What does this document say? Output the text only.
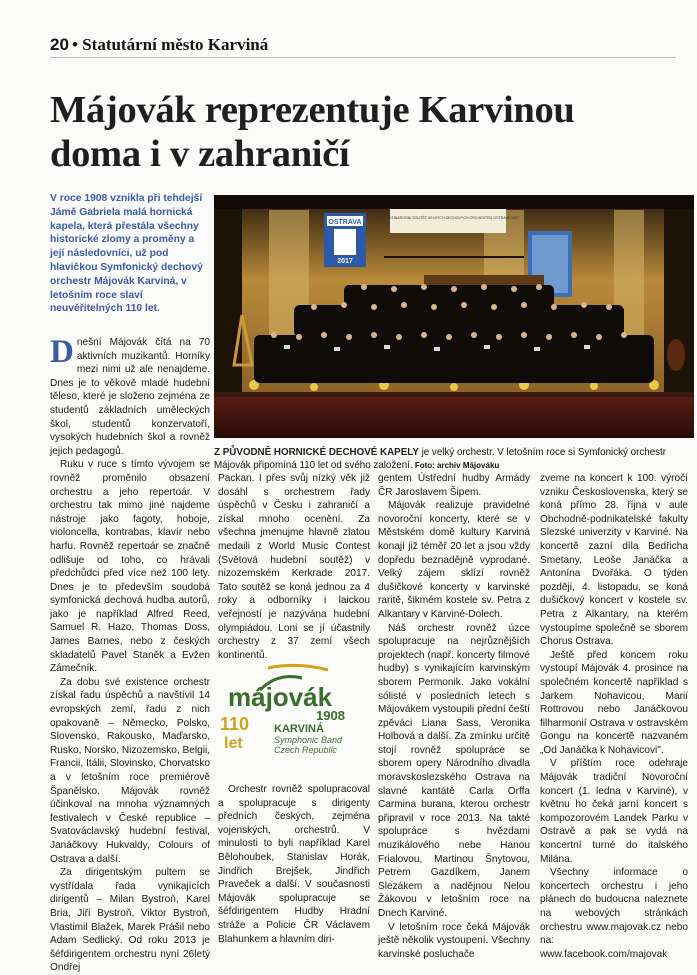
20 • Statutární město Karviná
Májovák reprezentuje Karvinou doma i v zahraničí
V roce 1908 vznikla při tehdejší Jámě Gabriela malá hornická kapela, která přestála všechny historické zlomy a proměny a její následovníci, už pod hlavičkou Symfonický dechový orchestr Májovák Karviná, v letošním roce slaví neuvěřitelných 110 let.
OSTRAVA
2017
XVIII MEZINÁRODNÍ SOUTĚŽ VELKÝCH DECHOVÝCH ORCHESTRŮ OSTRAVA 2017
Z PŮVODNĚ HORNICKÉ DECHOVÉ KAPELY je velký orchestr. V letošním roce si Symfonický orchestr Májovák připomíná 110 let od svého založení. Foto: archiv Májováku

Dnešní Májovák čítá na 70 aktivních muzikantů. Horníky mezi nimi už ale nenajdeme. Dnes je to věkově mladé hudební těleso, které je složeno zejména ze studentů základních uměleckých škol, studentů konzervatoří, vysokých hudebních škol a rovněž jejich pedagogů.

Ruku v ruce s tímto vývojem se rovněž proměnilo obsazení orchestru a jeho repertoár. V orchestru tak mimo jiné najdeme nástroje jako fagoty, hoboje, violoncella, kontrabas, klavír nebo harfu. Rovněž repertoár se značně odlišuje od toho, co hrávali předchůdci před více než 100 lety. Dnes je to především soudobá symfonická dechová hudba autorů, jako je například Alfred Reed, Samuel R. Hazo, Thomas Doss, James Barnes, nebo z českých skladatelů Pavel Staněk a Evžen Zámečník.

Za dobu své existence orchestr získal řadu úspěchů a navštívil 14 evropských zemí, řadu z nich opakovaně – Německo, Polsko, Slovensko, Rakousko, Maďarsko, Rusko, Norsko, Nizozemsko, Belgii, Francii, Itálii, Slovinsko, Chorvatsko a v letošním roce premiérově Španělsko. Májovák rovněž účinkoval na mnoha významných festivalech v České republice – Svatováclavský hudební festival, Janáčkovy Hukvaldy, Colours of Ostrava a další.

Za dirigentským pultem se vystřídala řada vynikajících dirigentů – Milan Bystroň, Karel Bria, Jiří Bystroň, Viktor Bystroň, Vlastimil Blažek, Marek Prášil nebo Adam Sedlický. Od roku 2013 je šéfdirigentem orchestru nyní 26letý Ondřej

Packan. I přes svůj nízký věk již dosáhl s orchestrem řady úspěchů v Česku i zahraničí a získal mnoho ocenění. Za všechna jmenujme hlavně zlatou medaili z World Music Contest (Světová hudební soutěž) v nizozemském Kerkrade 2017. Tato soutěž se koná jednou za 4 roky a odborníky i laickou veřejností je nazývána hudební olympiádou. Loni se jí účastnily orchestry z 37 zemí všech kontinentů.

májovák
1908
110
let
KARVINÁ
Symphonic Band
Czech Republic

Orchestr rovněž spolupracoval a spolupracuje s dirigenty předních českých, zejména vojenských, orchestrů. V minulosti to byli například Karel Bělohoubek, Stanislav Horák, Jindřich Brejšek, Jindřich Praveček a další. V současnosti Májovák spolupracuje se šéfdirigentem Hudby Hradní stráže a Policie ČR Václavem Blahunkem a hlavním diri-

gentem Ústřední hudby Armády ČR Jaroslavem Šipem.

Májovák realizuje pravidelné novoroční koncerty, které se v Městském domě kultury Karviná konají již téměř 20 let a jsou vždy dopředu beznadějně vyprodané. Velký zájem sklízí rovněž dušičkové koncerty v karvinské raritě, šikmém kostele sv. Petra z Alkantary v Karviné-Dolech.

Náš orchestr rovněž úzce spolupracuje na nejrůznějších projektech (např. koncerty filmové hudby) s vynikajícím karvinským sborem Permonik. Jako vokální sólisté v posledních letech s Májovákem vystoupili přední čeští zpěváci Liana Sass, Veronika Holbová a další. Za zmínku určitě stojí rovněž spolupráce se sborem opery Národního divadla moravskoslezského Ostrava na slavné kantátě Carla Orffa Carmina burana, kterou orchestr připravil v roce 2013. Na takté spolupráce s hvězdami muzikálového nebe Hanou Frialovou, Martinou Šnytovou, Petrem Gazdíkem, Janem Slezákem a nadějnou Nelou Žákovou v letošním roce na Dnech Karviné.

V letošním roce čeká Májovák ještě několik vystoupení. Všechny karvinské posluchače

zveme na koncert k 100. výročí vzniku Československa, který se koná přímo 28. října v aule Obchodně-podnikatelské fakulty Slezské univerzity v Karviné. Na koncertě zazní díla Bedřicha Smetany, Leoše Janáčka a Antonína Dvořáka. O týden později, 4. listopadu, se koná dušičkový koncert v kostele sv. Petra z Alkantary, na kterém vystoupíme společně se sborem Chorus Ostrava.

Ještě před koncem roku vystoupí Májovák 4. prosince na společném koncertě například s Jarkem Nohavicou, Marií Rottrovou nebo Janáčkovou filharmonií Ostrava v ostravském Gongu na koncertě nazvaném „Od Janáčka k Nohavicovi".

V příštím roce odehraje Májovák tradiční Novoroční koncert (1. ledna v Karviné), v květnu ho čeká jarní koncert s kompozorovém Landek Parku v Ostravě a pak se vydá na koncertní turné do italského Milána.

Všechny informace o koncertech orchestru i jeho plánech do budoucna naleznete na webových stránkách orchestru www.majovak.cz nebo na:

www.facebook.com/majovak
